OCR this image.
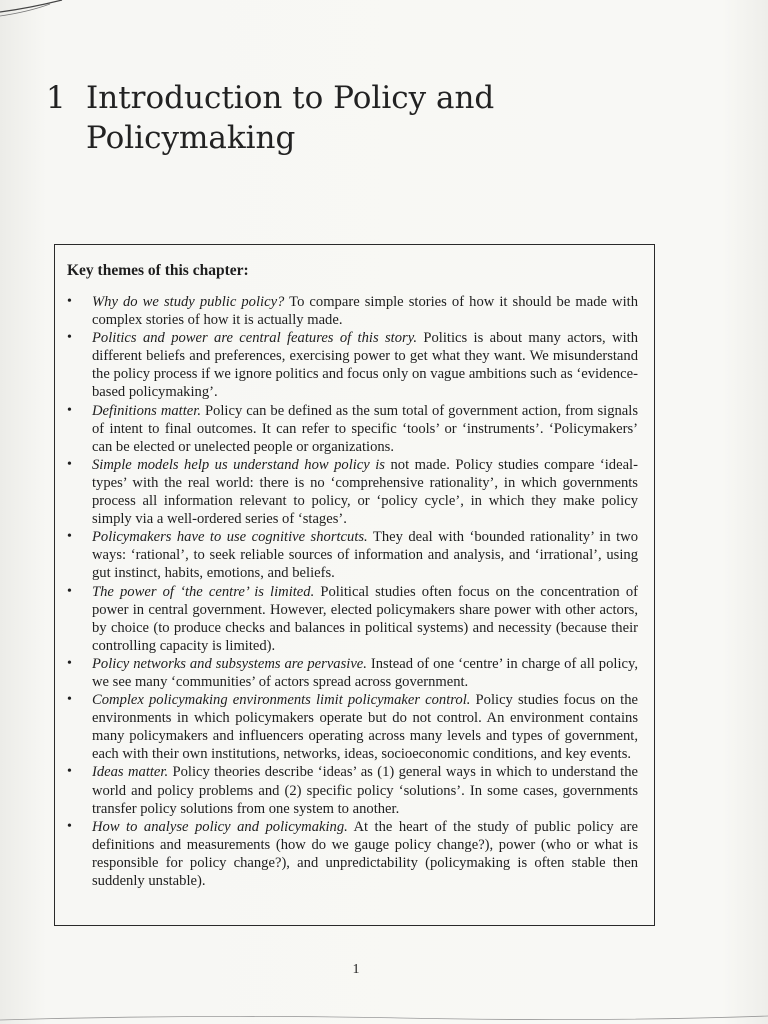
1 Introduction to Policy and Policymaking

Key themes of this chapter:

• Why do we study public policy? To compare simple stories of how it should be made with complex stories of how it is actually made.
• Politics and power are central features of this story. Politics is about many actors, with different beliefs and preferences, exercising power to get what they want. We misunderstand the policy process if we ignore politics and focus only on vague ambitions such as ‘evidence-based policymaking’.
• Definitions matter. Policy can be defined as the sum total of government action, from signals of intent to final outcomes. It can refer to specific ‘tools’ or ‘instruments’. ‘Policymakers’ can be elected or unelected people or organizations.
• Simple models help us understand how policy is not made. Policy studies compare ‘ideal-types’ with the real world: there is no ‘comprehensive rationality’, in which governments process all information relevant to policy, or ‘policy cycle’, in which they make policy simply via a well-ordered series of ‘stages’.
• Policymakers have to use cognitive shortcuts. They deal with ‘bounded rationality’ in two ways: ‘rational’, to seek reliable sources of information and analysis, and ‘irrational’, using gut instinct, habits, emotions, and beliefs.
• The power of ‘the centre’ is limited. Political studies often focus on the concentration of power in central government. However, elected policymakers share power with other actors, by choice (to produce checks and balances in political systems) and necessity (because their controlling capacity is limited).
• Policy networks and subsystems are pervasive. Instead of one ‘centre’ in charge of all policy, we see many ‘communities’ of actors spread across government.
• Complex policymaking environments limit policymaker control. Policy studies focus on the environments in which policymakers operate but do not control. An environment contains many policymakers and influencers operating across many levels and types of government, each with their own institutions, networks, ideas, socioeconomic conditions, and key events.
• Ideas matter. Policy theories describe ‘ideas’ as (1) general ways in which to understand the world and policy problems and (2) specific policy ‘solutions’. In some cases, governments transfer policy solutions from one system to another.
• How to analyse policy and policymaking. At the heart of the study of public policy are definitions and measurements (how do we gauge policy change?), power (who or what is responsible for policy change?), and unpredictability (policymaking is often stable then suddenly unstable).
1
